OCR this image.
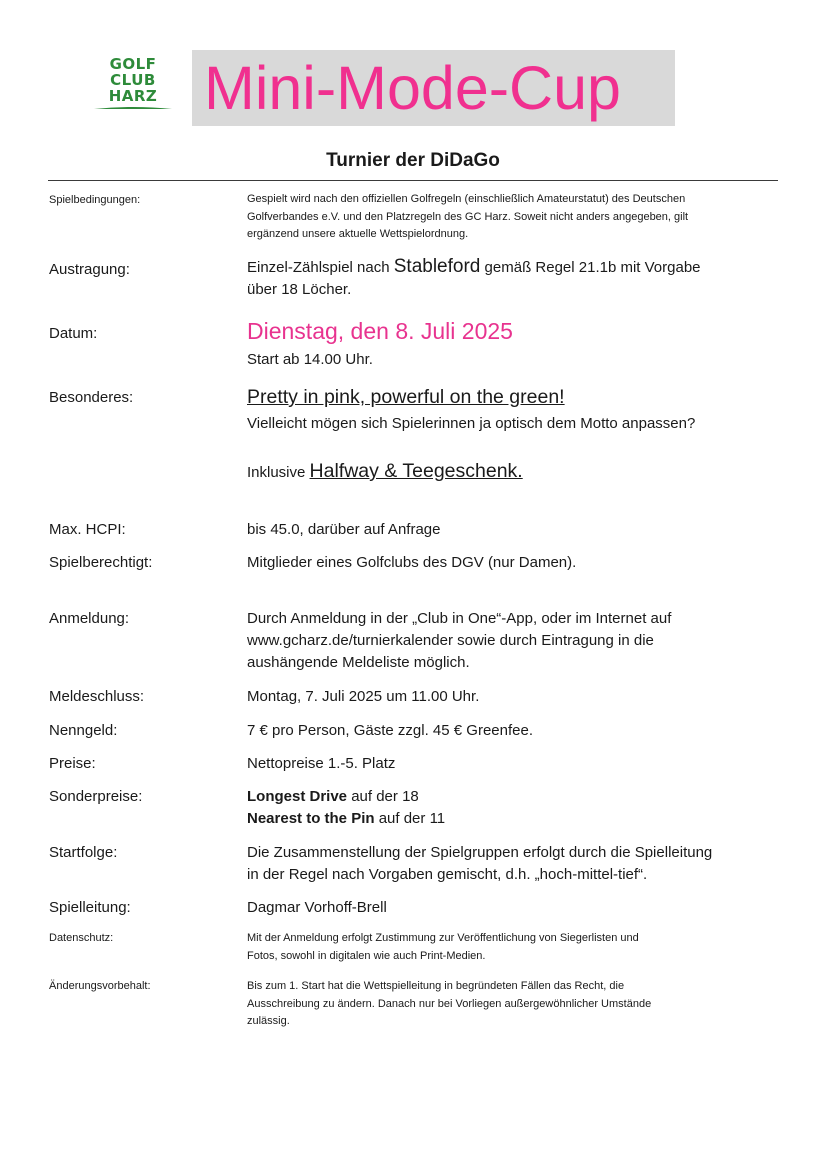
GOLF
CLUB
HARZ Mini-Mode-Cup
Turnier der DiDaGo
Spielbedingungen:	Gespielt wird nach den offiziellen Golfregeln (einschließlich Amateurstatut) des Deutschen
Golfverbandes e.V. und den Platzregeln des GC Harz. Soweit nicht anders angegeben, gilt
ergänzend unsere aktuelle Wettspielordnung.
Austragung:	Einzel-Zählspiel nach Stableford gemäß Regel 21.1b mit Vorgabe
über 18 Löcher.
Datum:	Dienstag, den 8. Juli 2025
Start ab 14.00 Uhr.
Besonderes:	Pretty in pink, powerful on the green!
Vielleicht mögen sich Spielerinnen ja optisch dem Motto anpassen?
Inklusive Halfway & Teegeschenk.
Max. HCPI:	bis 45.0, darüber auf Anfrage
Spielberechtigt:	Mitglieder eines Golfclubs des DGV (nur Damen).
Anmeldung:	Durch Anmeldung in der „Club in One“-App, oder im Internet auf
www.gcharz.de/turnierkalender sowie durch Eintragung in die
aushängende Meldeliste möglich.
Meldeschluss:	Montag, 7. Juli 2025 um 11.00 Uhr.
Nenngeld:	7 € pro Person, Gäste zzgl. 45 € Greenfee.
Preise:	Nettopreise 1.-5. Platz
Sonderpreise:	Longest Drive auf der 18
Nearest to the Pin auf der 11
Startfolge:	Die Zusammenstellung der Spielgruppen erfolgt durch die Spielleitung
in der Regel nach Vorgaben gemischt, d.h. „hoch-mittel-tief“.
Spielleitung:	Dagmar Vorhoff-Brell
Datenschutz:	Mit der Anmeldung erfolgt Zustimmung zur Veröffentlichung von Siegerlisten und
Fotos, sowohl in digitalen wie auch Print-Medien.
Änderungsvorbehalt:	Bis zum 1. Start hat die Wettspielleitung in begründeten Fällen das Recht, die
Ausschreibung zu ändern. Danach nur bei Vorliegen außergewöhnlicher Umstände
zulässig.
